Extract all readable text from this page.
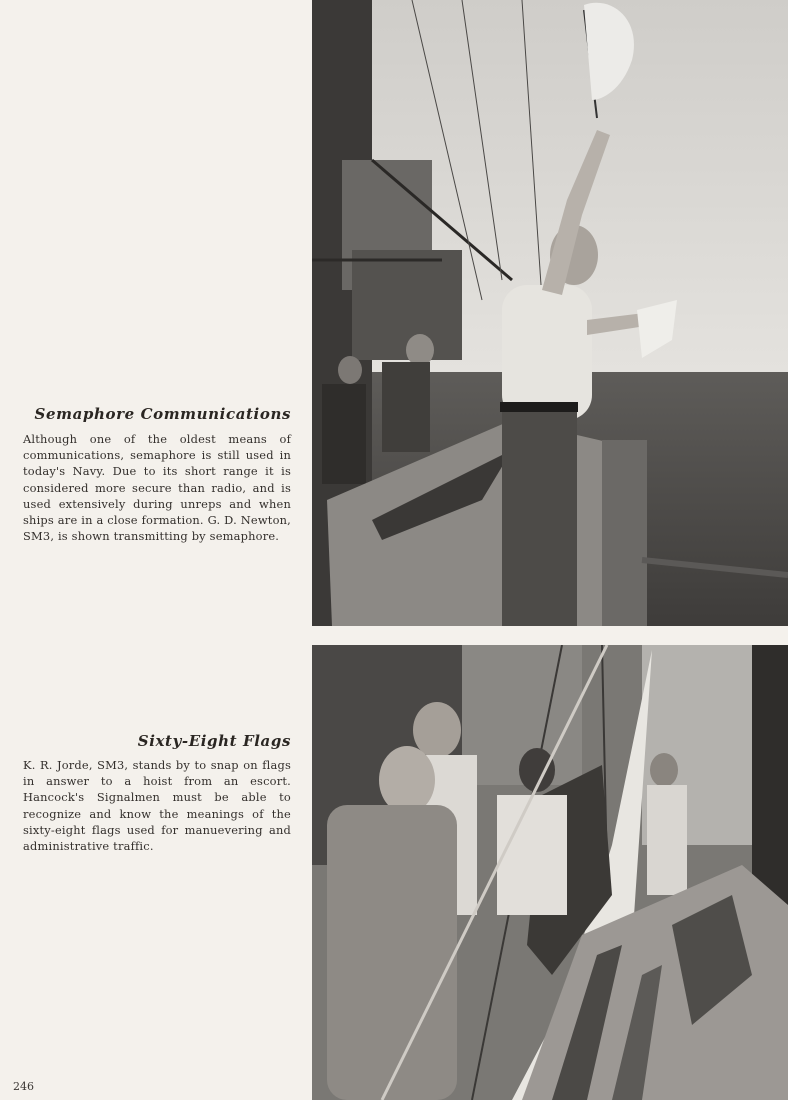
Semaphore Communications

Although one of the oldest means of communications, semaphore is still used in today's Navy. Due to its short range it is considered more secure than radio, and is used extensively during unreps and when ships are in a close formation. G. D. Newton, SM3, is shown transmitting by semaphore.

Sixty-Eight Flags

K. R. Jorde, SM3, stands by to snap on flags in answer to a hoist from an escort. Hancock's Signalmen must be able to recognize and know the meanings of the sixty-eight flags used for manuevering and administrative traffic.

246
